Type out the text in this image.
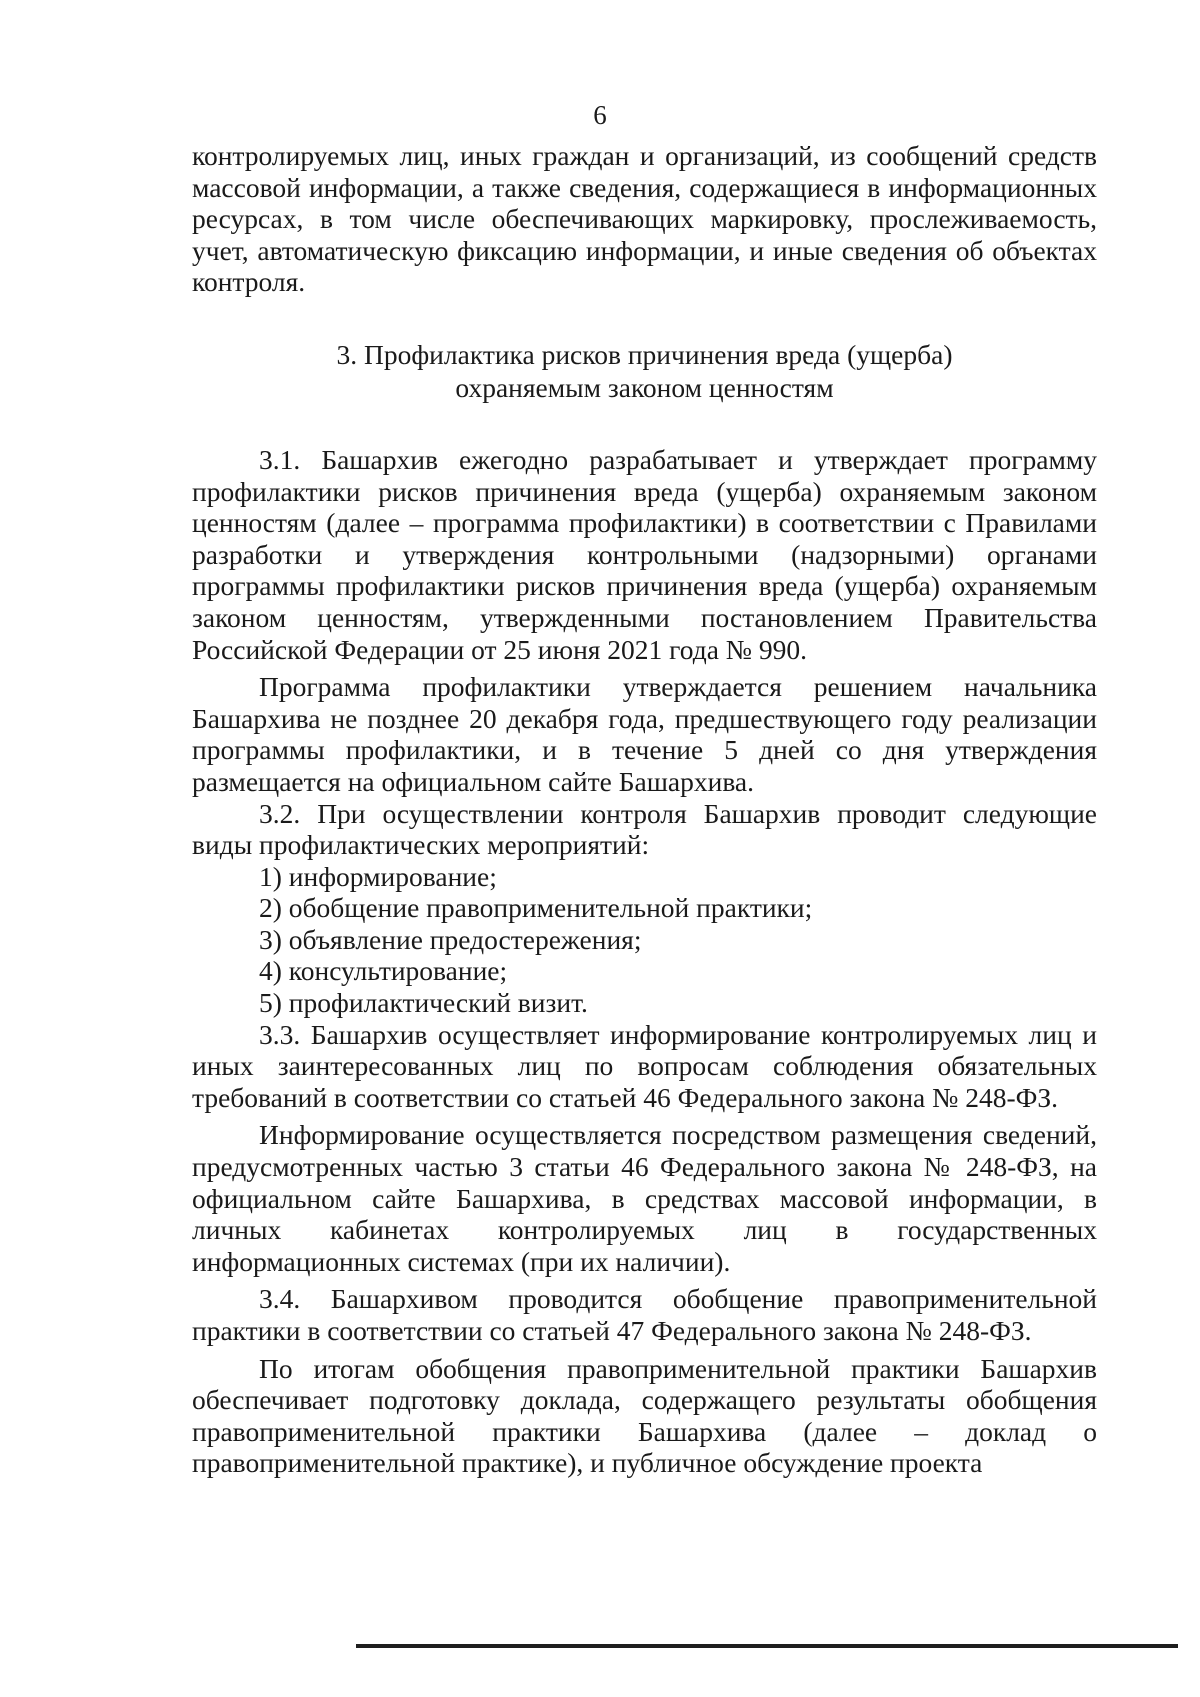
6

контролируемых лиц, иных граждан и организаций, из сообщений средств массовой информации, а также сведения, содержащиеся в информационных ресурсах, в том числе обеспечивающих маркировку, прослеживаемость, учет, автоматическую фиксацию информации, и иные сведения об объектах контроля.

3. Профилактика рисков причинения вреда (ущерба)
охраняемым законом ценностям

3.1. Башархив ежегодно разрабатывает и утверждает программу профилактики рисков причинения вреда (ущерба) охраняемым законом ценностям (далее – программа профилактики) в соответствии с Правилами разработки и утверждения контрольными (надзорными) органами программы профилактики рисков причинения вреда (ущерба) охраняемым законом ценностям, утвержденными постановлением Правительства Российской Федерации от 25 июня 2021 года № 990.

Программа профилактики утверждается решением начальника Башархива не позднее 20 декабря года, предшествующего году реализации программы профилактики, и в течение 5 дней со дня утверждения размещается на официальном сайте Башархива.

3.2. При осуществлении контроля Башархив проводит следующие виды профилактических мероприятий:

1) информирование;

2) обобщение правоприменительной практики;

3) объявление предостережения;

4) консультирование;

5) профилактический визит.

3.3. Башархив осуществляет информирование контролируемых лиц и иных заинтересованных лиц по вопросам соблюдения обязательных требований в соответствии со статьей 46 Федерального закона № 248-ФЗ.

Информирование осуществляется посредством размещения сведений, предусмотренных частью 3 статьи 46 Федерального закона № 248-ФЗ, на официальном сайте Башархива, в средствах массовой информации, в личных кабинетах контролируемых лиц в государственных информационных системах (при их наличии).

3.4. Башархивом проводится обобщение правоприменительной практики в соответствии со статьей 47 Федерального закона № 248-ФЗ.

По итогам обобщения правоприменительной практики Башархив обеспечивает подготовку доклада, содержащего результаты обобщения правоприменительной практики Башархива (далее – доклад о правоприменительной практике), и публичное обсуждение проекта
